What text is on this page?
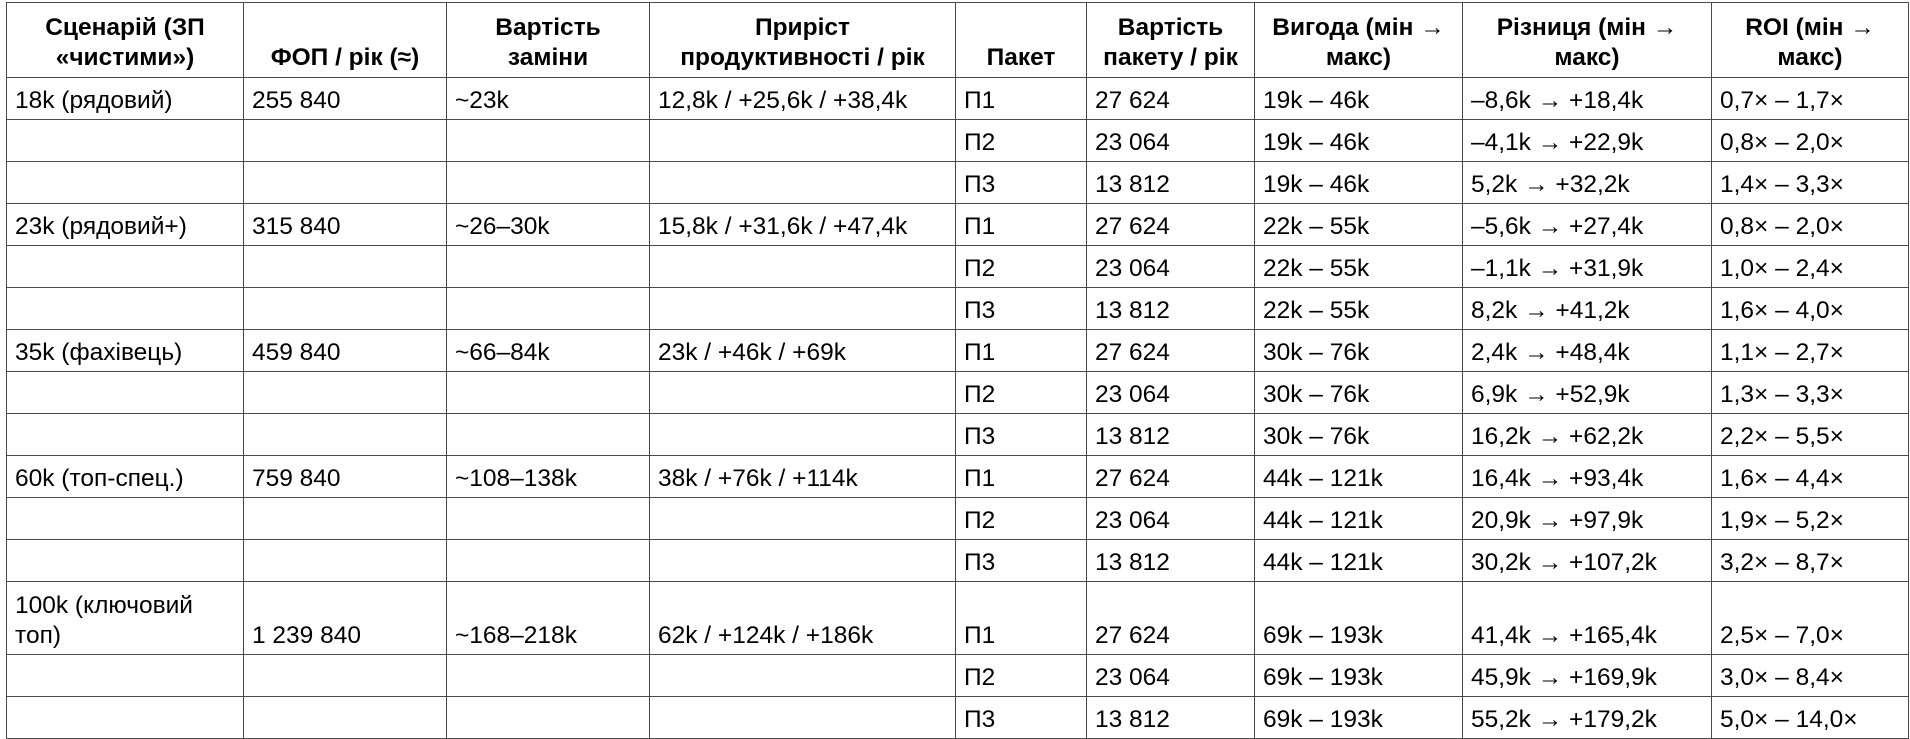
Сценарій (ЗП «чистими»)	ФОП / рік (≈)	Вартість заміни	Приріст продуктивності / рік	Пакет	Вартість пакету / рік	Вигода (мін → макс)	Різниця (мін → макс)	ROI (мін → макс)
18k (рядовий)	255 840	~23k	12,8k / +25,6k / +38,4k	П1	27 624	19k – 46k	–8,6k → +18,4k	0,7× – 1,7×
				П2	23 064	19k – 46k	–4,1k → +22,9k	0,8× – 2,0×
				П3	13 812	19k – 46k	5,2k → +32,2k	1,4× – 3,3×
23k (рядовий+)	315 840	~26–30k	15,8k / +31,6k / +47,4k	П1	27 624	22k – 55k	–5,6k → +27,4k	0,8× – 2,0×
				П2	23 064	22k – 55k	–1,1k → +31,9k	1,0× – 2,4×
				П3	13 812	22k – 55k	8,2k → +41,2k	1,6× – 4,0×
35k (фахівець)	459 840	~66–84k	23k / +46k / +69k	П1	27 624	30k – 76k	2,4k → +48,4k	1,1× – 2,7×
				П2	23 064	30k – 76k	6,9k → +52,9k	1,3× – 3,3×
				П3	13 812	30k – 76k	16,2k → +62,2k	2,2× – 5,5×
60k (топ-спец.)	759 840	~108–138k	38k / +76k / +114k	П1	27 624	44k – 121k	16,4k → +93,4k	1,6× – 4,4×
				П2	23 064	44k – 121k	20,9k → +97,9k	1,9× – 5,2×
				П3	13 812	44k – 121k	30,2k → +107,2k	3,2× – 8,7×
100k (ключовий топ)	1 239 840	~168–218k	62k / +124k / +186k	П1	27 624	69k – 193k	41,4k → +165,4k	2,5× – 7,0×
				П2	23 064	69k – 193k	45,9k → +169,9k	3,0× – 8,4×
				П3	13 812	69k – 193k	55,2k → +179,2k	5,0× – 14,0×
